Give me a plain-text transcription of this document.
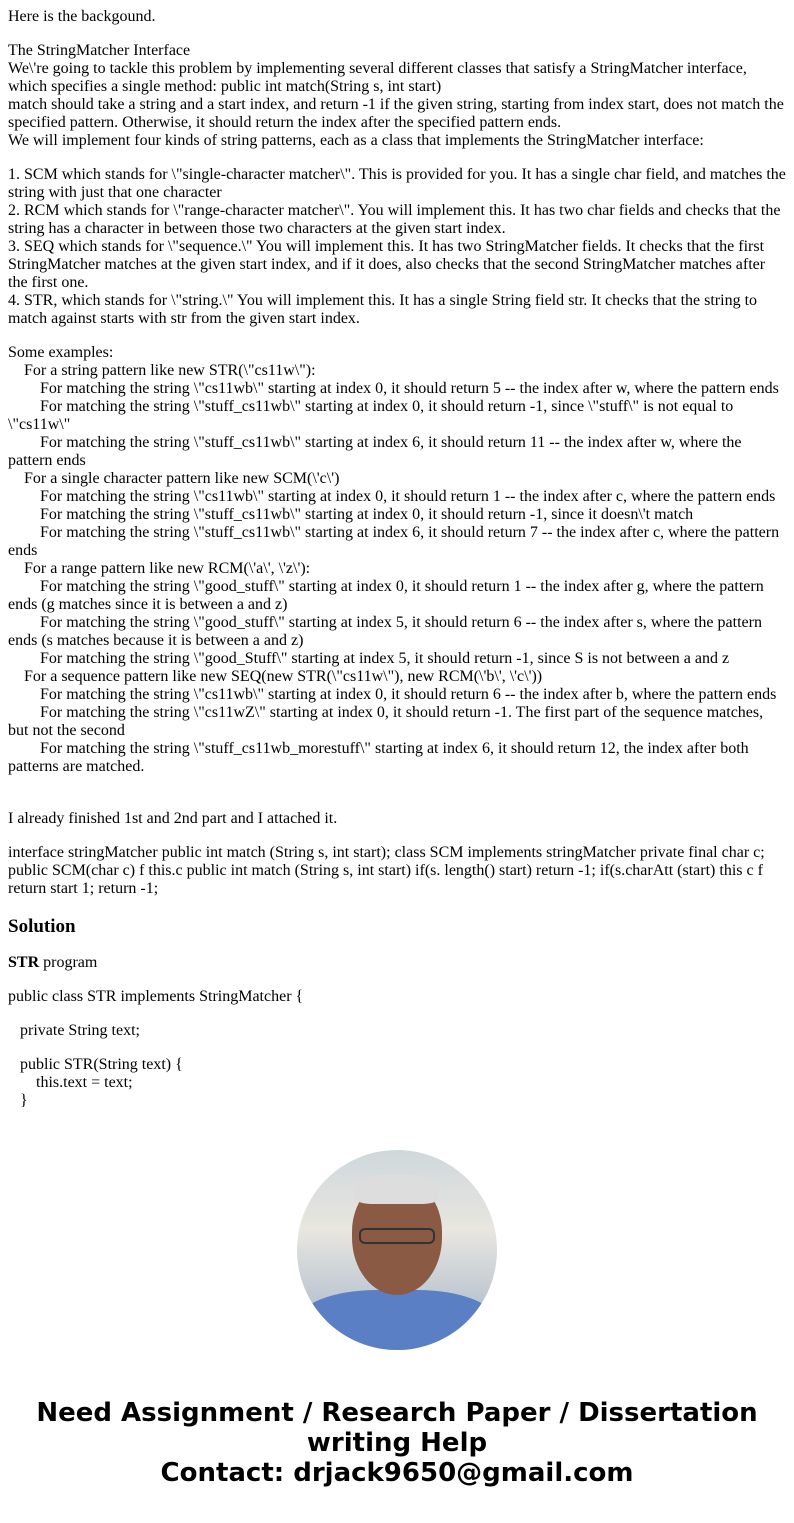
Here is the backgound.

The StringMatcher Interface
We\'re going to tackle this problem by implementing several different classes that satisfy a StringMatcher interface, which specifies a single method: public int match(String s, int start)
match should take a string and a start index, and return -1 if the given string, starting from index start, does not match the specified pattern. Otherwise, it should return the index after the specified pattern ends.
We will implement four kinds of string patterns, each as a class that implements the StringMatcher interface:

1. SCM which stands for \"single-character matcher\". This is provided for you. It has a single char field, and matches the string with just that one character
2. RCM which stands for \"range-character matcher\". You will implement this. It has two char fields and checks that the string has a character in between those two characters at the given start index.
3. SEQ which stands for \"sequence.\" You will implement this. It has two StringMatcher fields. It checks that the first StringMatcher matches at the given start index, and if it does, also checks that the second StringMatcher matches after the first one.
4. STR, which stands for \"string.\" You will implement this. It has a single String field str. It checks that the string to match against starts with str from the given start index.

Some examples:
For a string pattern like new STR(\"cs11w\"):
For matching the string \"cs11wb\" starting at index 0, it should return 5 -- the index after w, where the pattern ends
For matching the string \"stuff_cs11wb\" starting at index 0, it should return -1, since \"stuff\" is not equal to \"cs11w\"
For matching the string \"stuff_cs11wb\" starting at index 6, it should return 11 -- the index after w, where the pattern ends
For a single character pattern like new SCM(\'c\')
For matching the string \"cs11wb\" starting at index 0, it should return 1 -- the index after c, where the pattern ends
For matching the string \"stuff_cs11wb\" starting at index 0, it should return -1, since it doesn\'t match
For matching the string \"stuff_cs11wb\" starting at index 6, it should return 7 -- the index after c, where the pattern ends
For a range pattern like new RCM(\'a\', \'z\'):
For matching the string \"good_stuff\" starting at index 0, it should return 1 -- the index after g, where the pattern ends (g matches since it is between a and z)
For matching the string \"good_stuff\" starting at index 5, it should return 6 -- the index after s, where the pattern ends (s matches because it is between a and z)
For matching the string \"good_Stuff\" starting at index 5, it should return -1, since S is not between a and z
For a sequence pattern like new SEQ(new STR(\"cs11w\"), new RCM(\'b\', \'c\'))
For matching the string \"cs11wb\" starting at index 0, it should return 6 -- the index after b, where the pattern ends
For matching the string \"cs11wZ\" starting at index 0, it should return -1. The first part of the sequence matches, but not the second
For matching the string \"stuff_cs11wb_morestuff\" starting at index 6, it should return 12, the index after both patterns are matched.

I already finished 1st and 2nd part and I attached it.

interface stringMatcher public int match (String s, int start); class SCM implements stringMatcher private final char c; public SCM(char c) f this.c public int match (String s, int start) if(s. length() start) return -1; if(s.charAtt (start) this c f return start 1; return -1;

Solution

STR program

public class STR implements StringMatcher {

private String text;

public STR(String text) {
this.text = text;
}

Need Assignment / Research Paper / Dissertation writing Help
Contact: drjack9650@gmail.com
